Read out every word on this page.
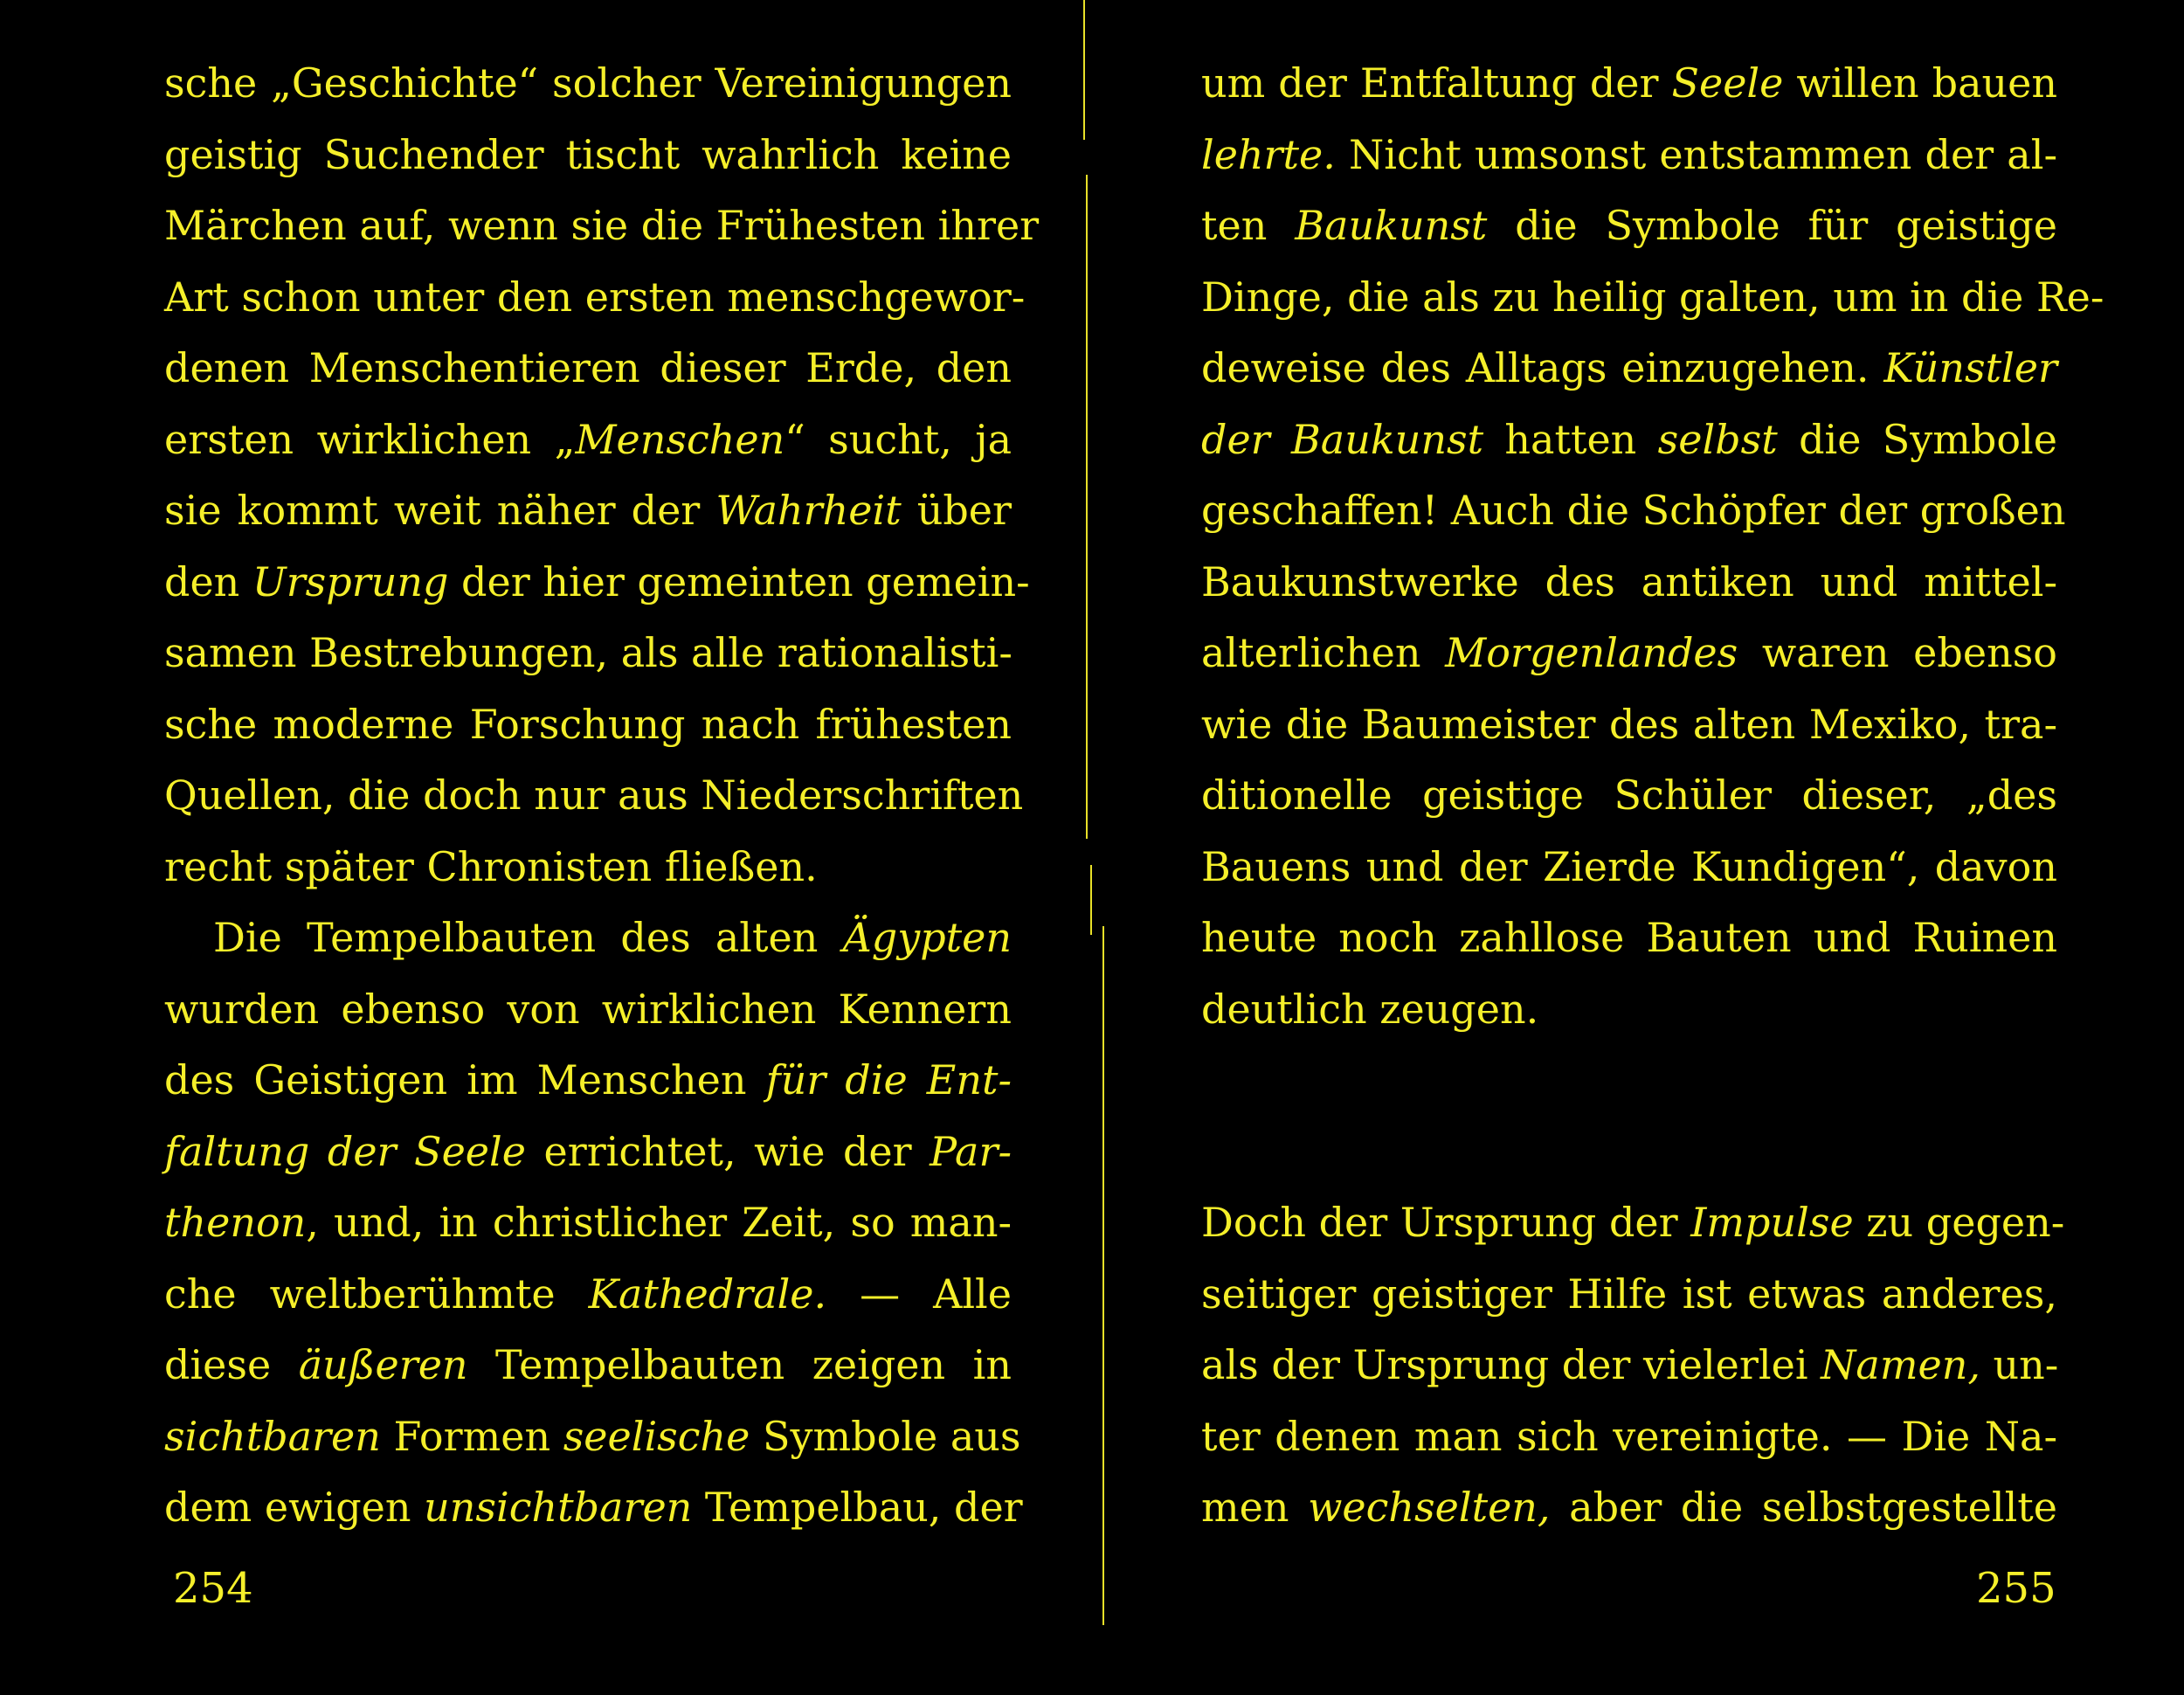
sche „Geschichte“ solcher Vereinigungen
geistig Suchender tischt wahrlich keine
Märchen auf, wenn sie die Frühesten ihrer
Art schon unter den ersten menschgewor-
denen Menschentieren dieser Erde, den
ersten wirklichen „Menschen“ sucht, ja
sie kommt weit näher der Wahrheit über
den Ursprung der hier gemeinten gemein-
samen Bestrebungen, als alle rationalisti-
sche moderne Forschung nach frühesten
Quellen, die doch nur aus Niederschriften
recht später Chronisten fließen.
Die Tempelbauten des alten Ägypten
wurden ebenso von wirklichen Kennern
des Geistigen im Menschen für die Ent-
faltung der Seele errichtet, wie der Par-
thenon, und, in christlicher Zeit, so man-
che weltberühmte Kathedrale. — Alle
diese äußeren Tempelbauten zeigen in
sichtbaren Formen seelische Symbole aus
dem ewigen unsichtbaren Tempelbau, der
um der Entfaltung der Seele willen bauen
lehrte. Nicht umsonst entstammen der al-
ten Baukunst die Symbole für geistige
Dinge, die als zu heilig galten, um in die Re-
deweise des Alltags einzugehen. Künstler
der Baukunst hatten selbst die Symbole
geschaffen! Auch die Schöpfer der großen
Baukunstwerke des antiken und mittel-
alterlichen Morgenlandes waren ebenso
wie die Baumeister des alten Mexiko, tra-
ditionelle geistige Schüler dieser, „des
Bauens und der Zierde Kundigen“, davon
heute noch zahllose Bauten und Ruinen
deutlich zeugen.
Doch der Ursprung der Impulse zu gegen-
seitiger geistiger Hilfe ist etwas anderes,
als der Ursprung der vielerlei Namen, un-
ter denen man sich vereinigte. — Die Na-
men wechselten, aber die selbstgestellte
254	255
